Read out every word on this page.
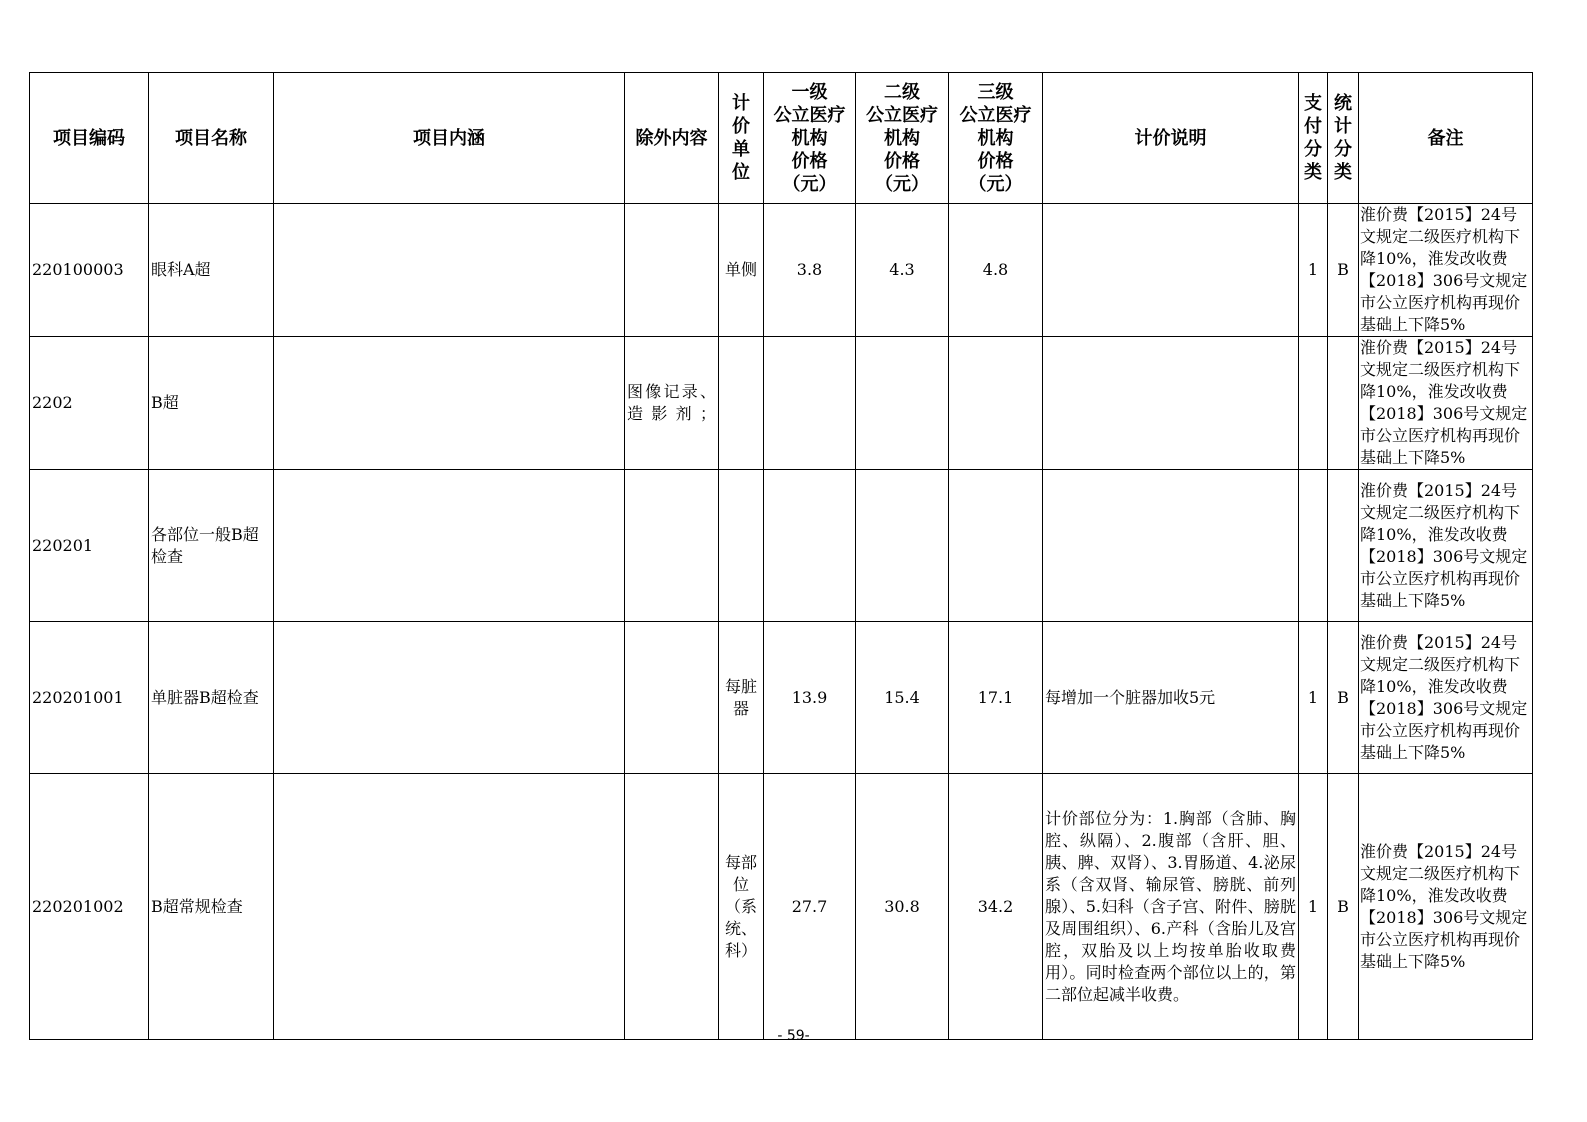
项目编码	项目名称	项目内涵	除外内容	计
价
单
位	一级
公立医疗
机构
价格
（元）	二级
公立医疗
机构
价格
（元）	三级
公立医疗
机构
价格
（元）	计价说明	支
付
分
类	统
计
分
类	备注
220100003	眼科A超			单侧	3.8	4.3	4.8		1	B	淮价费【2015】24号文规定二级医疗机构下降10%，淮发改收费【2018】306号文规定市公立医疗机构再现价基础上下降5%
2202	B超		图像记录、造影剂；								淮价费【2015】24号文规定二级医疗机构下降10%，淮发改收费【2018】306号文规定市公立医疗机构再现价基础上下降5%
220201	各部位一般B超检查										淮价费【2015】24号文规定二级医疗机构下降10%，淮发改收费【2018】306号文规定市公立医疗机构再现价基础上下降5%
220201001	单脏器B超检查			每脏
器	13.9	15.4	17.1	每增加一个脏器加收5元	1	B	淮价费【2015】24号文规定二级医疗机构下降10%，淮发改收费【2018】306号文规定市公立医疗机构再现价基础上下降5%
220201002	B超常规检查			每部
位
（系
统、
科）	27.7	30.8	34.2	计价部位分为：1.胸部（含肺、胸腔、纵隔）、2.腹部（含肝、胆、胰、脾、双肾）、3.胃肠道、4.泌尿系（含双肾、输尿管、膀胱、前列腺）、5.妇科（含子宫、附件、膀胱及周围组织）、6.产科（含胎儿及宫腔，双胎及以上均按单胎收取费用）。同时检查两个部位以上的，第二部位起减半收费。	1	B	淮价费【2015】24号文规定二级医疗机构下降10%，淮发改收费【2018】306号文规定市公立医疗机构再现价基础上下降5%
- 59-
